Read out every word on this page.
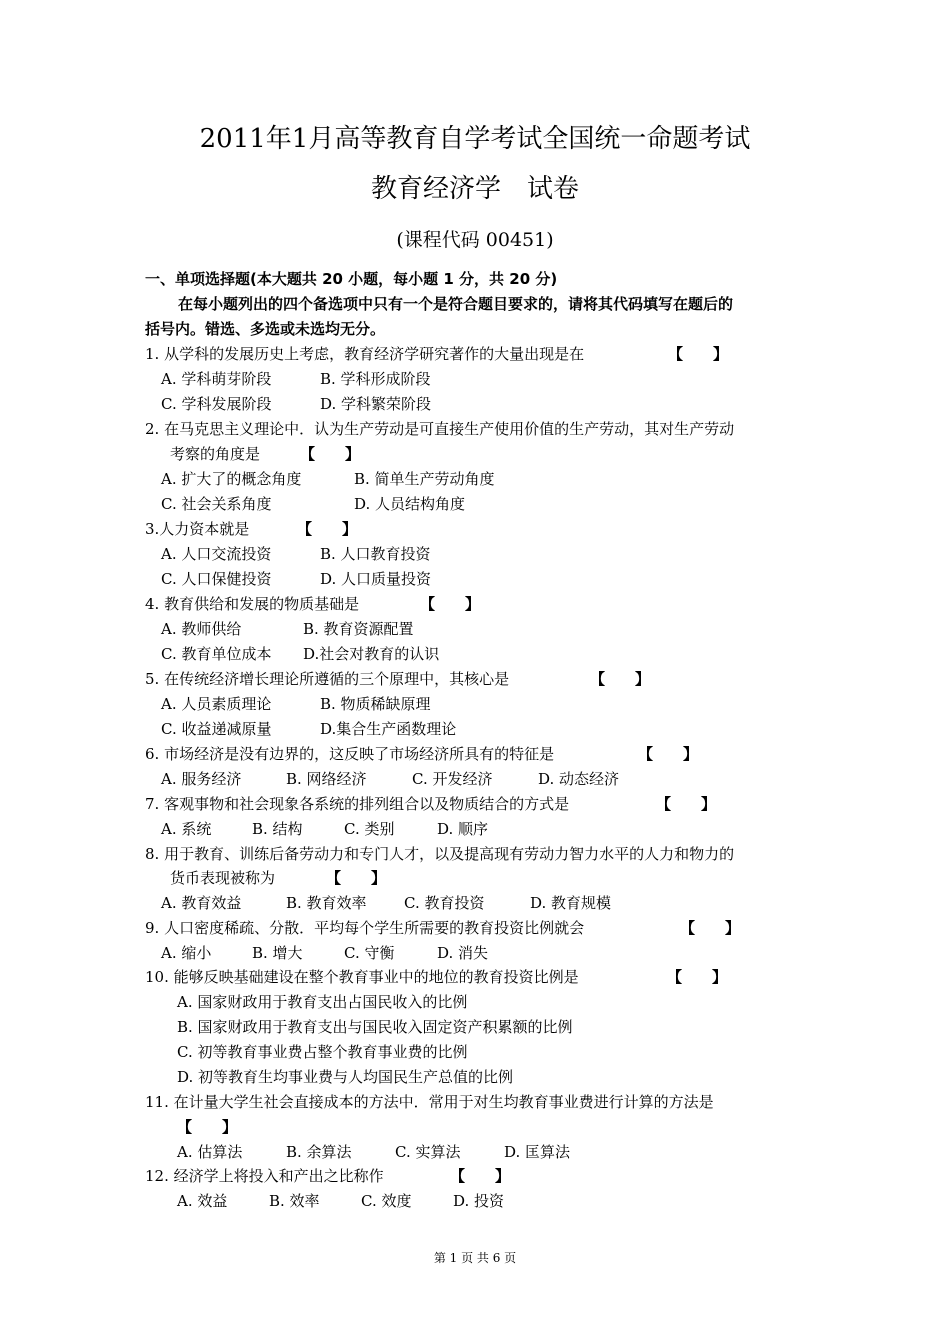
2011年1月高等教育自学考试全国统一命题考试
教育经济学　试卷
(课程代码 00451)
一、单项选择题(本大题共 20 小题，每小题 1 分，共 20 分)
在每小题列出的四个备选项中只有一个是符合题目要求的，请将其代码填写在题后的
括号内。错选、多选或未选均无分。
1. 从学科的发展历史上考虑，教育经济学研究著作的大量出现是在	【　　】
A. 学科萌芽阶段	B. 学科形成阶段
C. 学科发展阶段	D. 学科繁荣阶段
2. 在马克思主义理论中．认为生产劳动是可直接生产使用价值的生产劳动，其对生产劳动
考察的角度是	【　　】
A. 扩大了的概念角度	B. 简单生产劳动角度
C. 社会关系角度	D. 人员结构角度
3.人力资本就是	【　　】
A. 人口交流投资	B. 人口教育投资
C. 人口保健投资	D. 人口质量投资
4. 教育供给和发展的物质基础是	【　　】
A. 教师供给	B. 教育资源配置
C. 教育单位成本 D.社会对教育的认识
5. 在传统经济增长理论所遵循的三个原理中，其核心是	【　　】
A. 人员素质理论	B. 物质稀缺原理
C. 收益递减原量	D.集合生产函数理论
6. 市场经济是没有边界的，这反映了市场经济所具有的特征是	【　　】
A. 服务经济	B. 网络经济	C. 开发经济	D. 动态经济
7. 客观事物和社会现象各系统的排列组合以及物质结合的方式是	【　　】
A. 系统	B. 结构	C. 类别	D. 顺序
8. 用于教育、训练后备劳动力和专门人才，以及提高现有劳动力智力水平的人力和物力的
货币表现被称为	【　　】
A. 教育效益	B. 教育效率 C. 教育投资	D. 教育规模
9. 人口密度稀疏、分散．平均每个学生所需要的教育投资比例就会	【　　】
A. 缩小	B. 增大	C. 守衡	D. 消失
10. 能够反映基础建设在整个教育事业中的地位的教育投资比例是	【　　】
A. 国家财政用于教育支出占国民收入的比例
B. 国家财政用于教育支出与国民收入固定资产积累额的比例
C. 初等教育事业费占整个教育事业费的比例
D. 初等教育生均事业费与人均国民生产总值的比例
11. 在计量大学生社会直接成本的方法中．常用于对生均教育事业费进行计算的方法是
【　　】
A. 估算法	B. 余算法	C. 实算法	D. 匡算法
12. 经济学上将投入和产出之比称作	【　　】
A. 效益	B. 效率	C. 效度	D. 投资
第 1 页 共 6 页
